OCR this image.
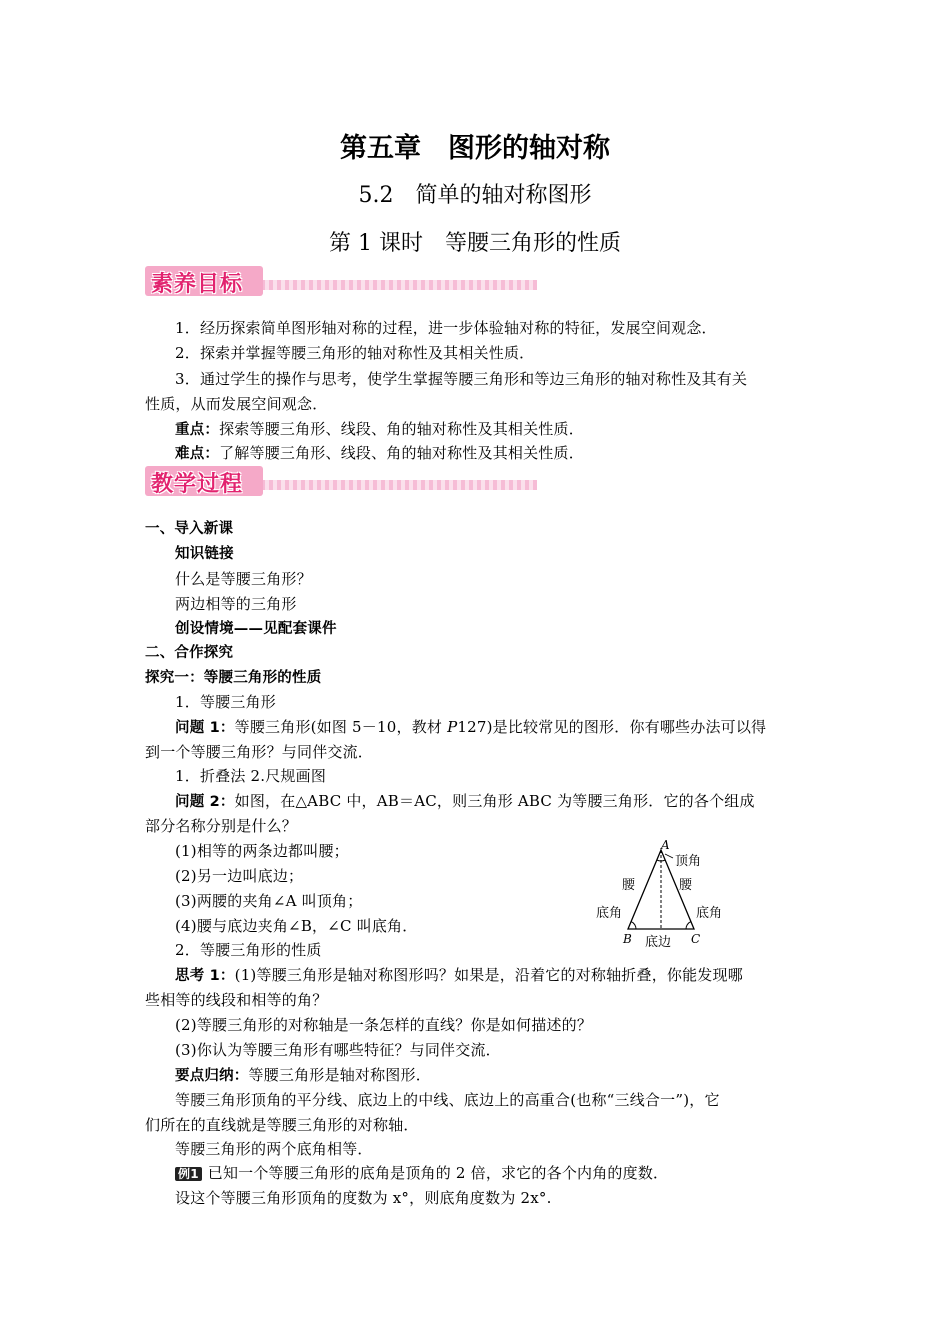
第五章　图形的轴对称
5.2　简单的轴对称图形
第 1 课时　等腰三角形的性质
素养目标
1．经历探索简单图形轴对称的过程，进一步体验轴对称的特征，发展空间观念．
2．探索并掌握等腰三角形的轴对称性及其相关性质．
3．通过学生的操作与思考，使学生掌握等腰三角形和等边三角形的轴对称性及其有关
性质，从而发展空间观念．
重点：探索等腰三角形、线段、角的轴对称性及其相关性质．
难点：了解等腰三角形、线段、角的轴对称性及其相关性质．
教学过程
一、导入新课
知识链接
什么是等腰三角形？
两边相等的三角形
创设情境——见配套课件
二、合作探究
探究一：等腰三角形的性质
1．等腰三角形
问题 1：等腰三角形(如图 5－10，教材 P127)是比较常见的图形．你有哪些办法可以得
到一个等腰三角形？与同伴交流．
1．折叠法 2.尺规画图
问题 2：如图，在△ABC 中，AB＝AC，则三角形 ABC 为等腰三角形．它的各个组成
部分名称分别是什么？
(1)相等的两条边都叫腰；
(2)另一边叫底边；
(3)两腰的夹角∠A 叫顶角；
(4)腰与底边夹角∠B，∠C 叫底角．
2．等腰三角形的性质
思考 1：(1)等腰三角形是轴对称图形吗？如果是，沿着它的对称轴折叠，你能发现哪
些相等的线段和相等的角？
(2)等腰三角形的对称轴是一条怎样的直线？你是如何描述的？
(3)你认为等腰三角形有哪些特征？与同伴交流．
要点归纳：等腰三角形是轴对称图形．
等腰三角形顶角的平分线、底边上的中线、底边上的高重合(也称“三线合一”)，它
们所在的直线就是等腰三角形的对称轴．
等腰三角形的两个底角相等．
例1 已知一个等腰三角形的底角是顶角的 2 倍，求它的各个内角的度数．
设这个等腰三角形顶角的度数为 x°，则底角度数为 2x°.
A
B	C
顶角
腰	腰
底角	底角
底边
